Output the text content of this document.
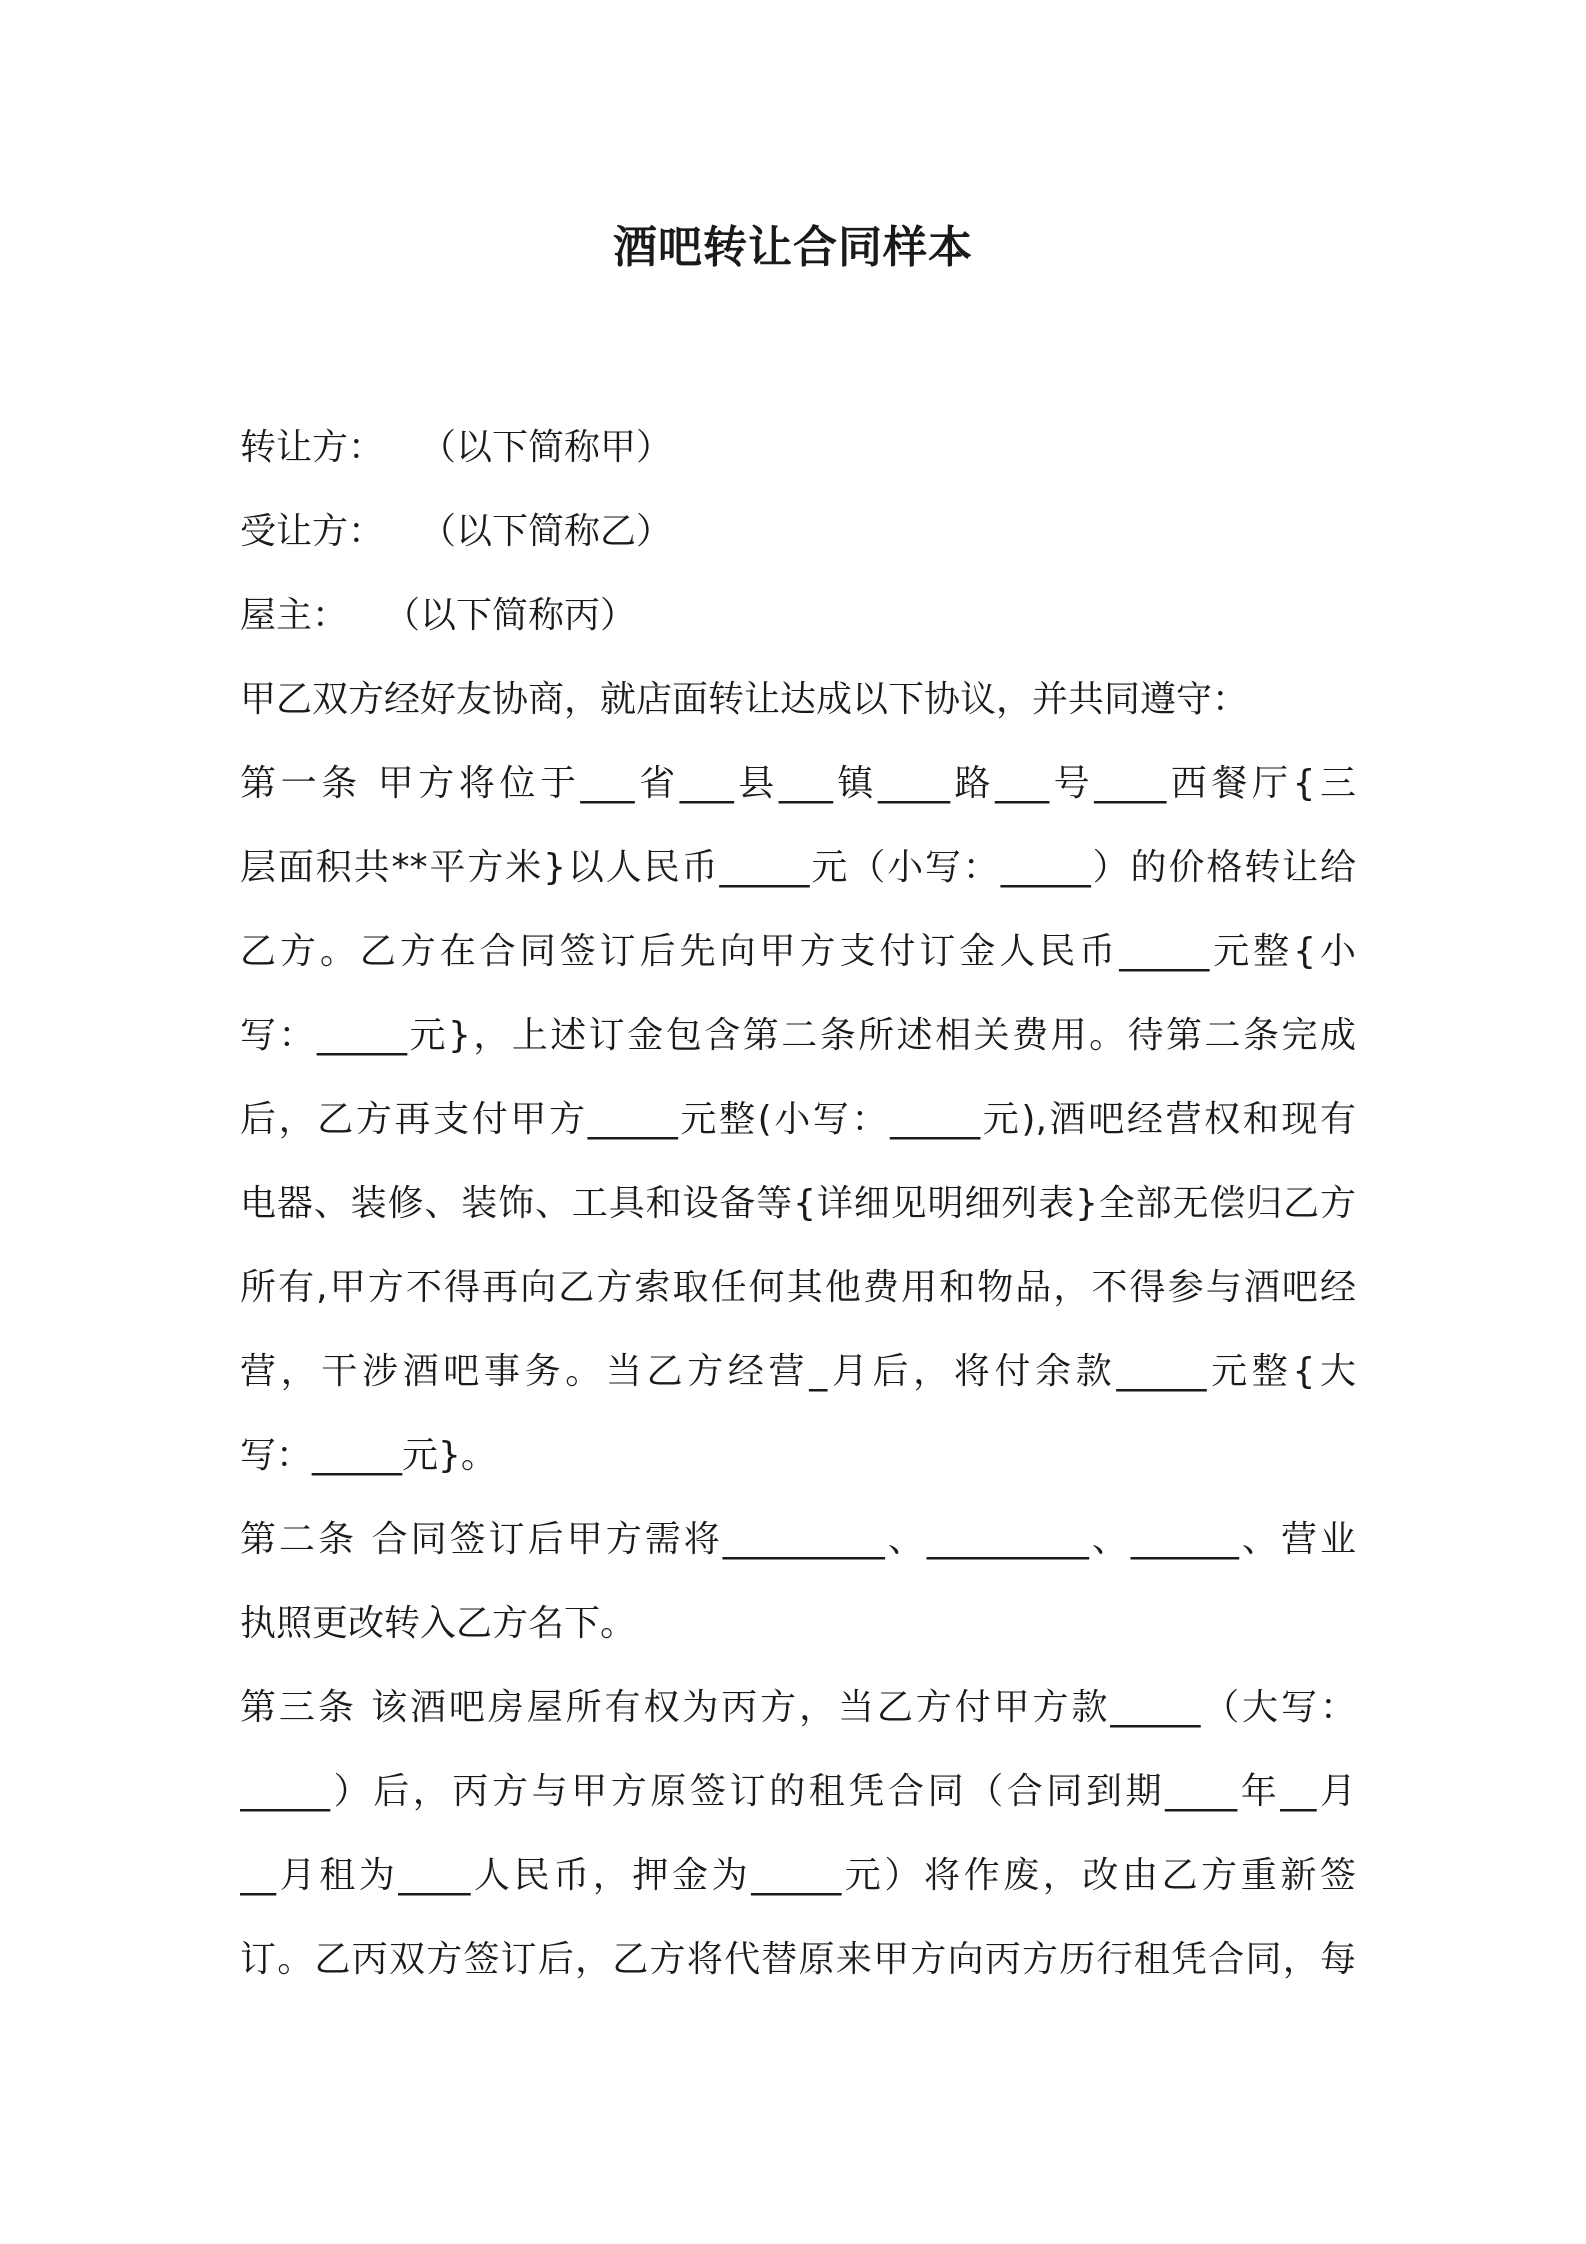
酒吧转让合同样本
转让方： （以下简称甲）
受让方： （以下简称乙）
屋主： （以下简称丙）
甲乙双方经好友协商，就店面转让达成以下协议，并共同遵守：
第一条 甲方将位于___省___县___镇____路___号____西餐厅{三
层面积共**平方米}以人民币_____元（小写：_____）的价格转让给
乙方。乙方在合同签订后先向甲方支付订金人民币_____元整{小
写：_____元}，上述订金包含第二条所述相关费用。待第二条完成
后，乙方再支付甲方_____元整(小写：_____元),酒吧经营权和现有
电器、装修、装饰、工具和设备等{详细见明细列表}全部无偿归乙方
所有,甲方不得再向乙方索取任何其他费用和物品，不得参与酒吧经
营，干涉酒吧事务。当乙方经营_月后，将付余款_____元整{大
写：_____元}。
第二条 合同签订后甲方需将_________、_________、______、营业
执照更改转入乙方名下。
第三条 该酒吧房屋所有权为丙方，当乙方付甲方款_____（大写：
_____）后，丙方与甲方原签订的租凭合同（合同到期____年__月
__月租为____人民币，押金为_____元）将作废，改由乙方重新签
订。乙丙双方签订后，乙方将代替原来甲方向丙方历行租凭合同，每
